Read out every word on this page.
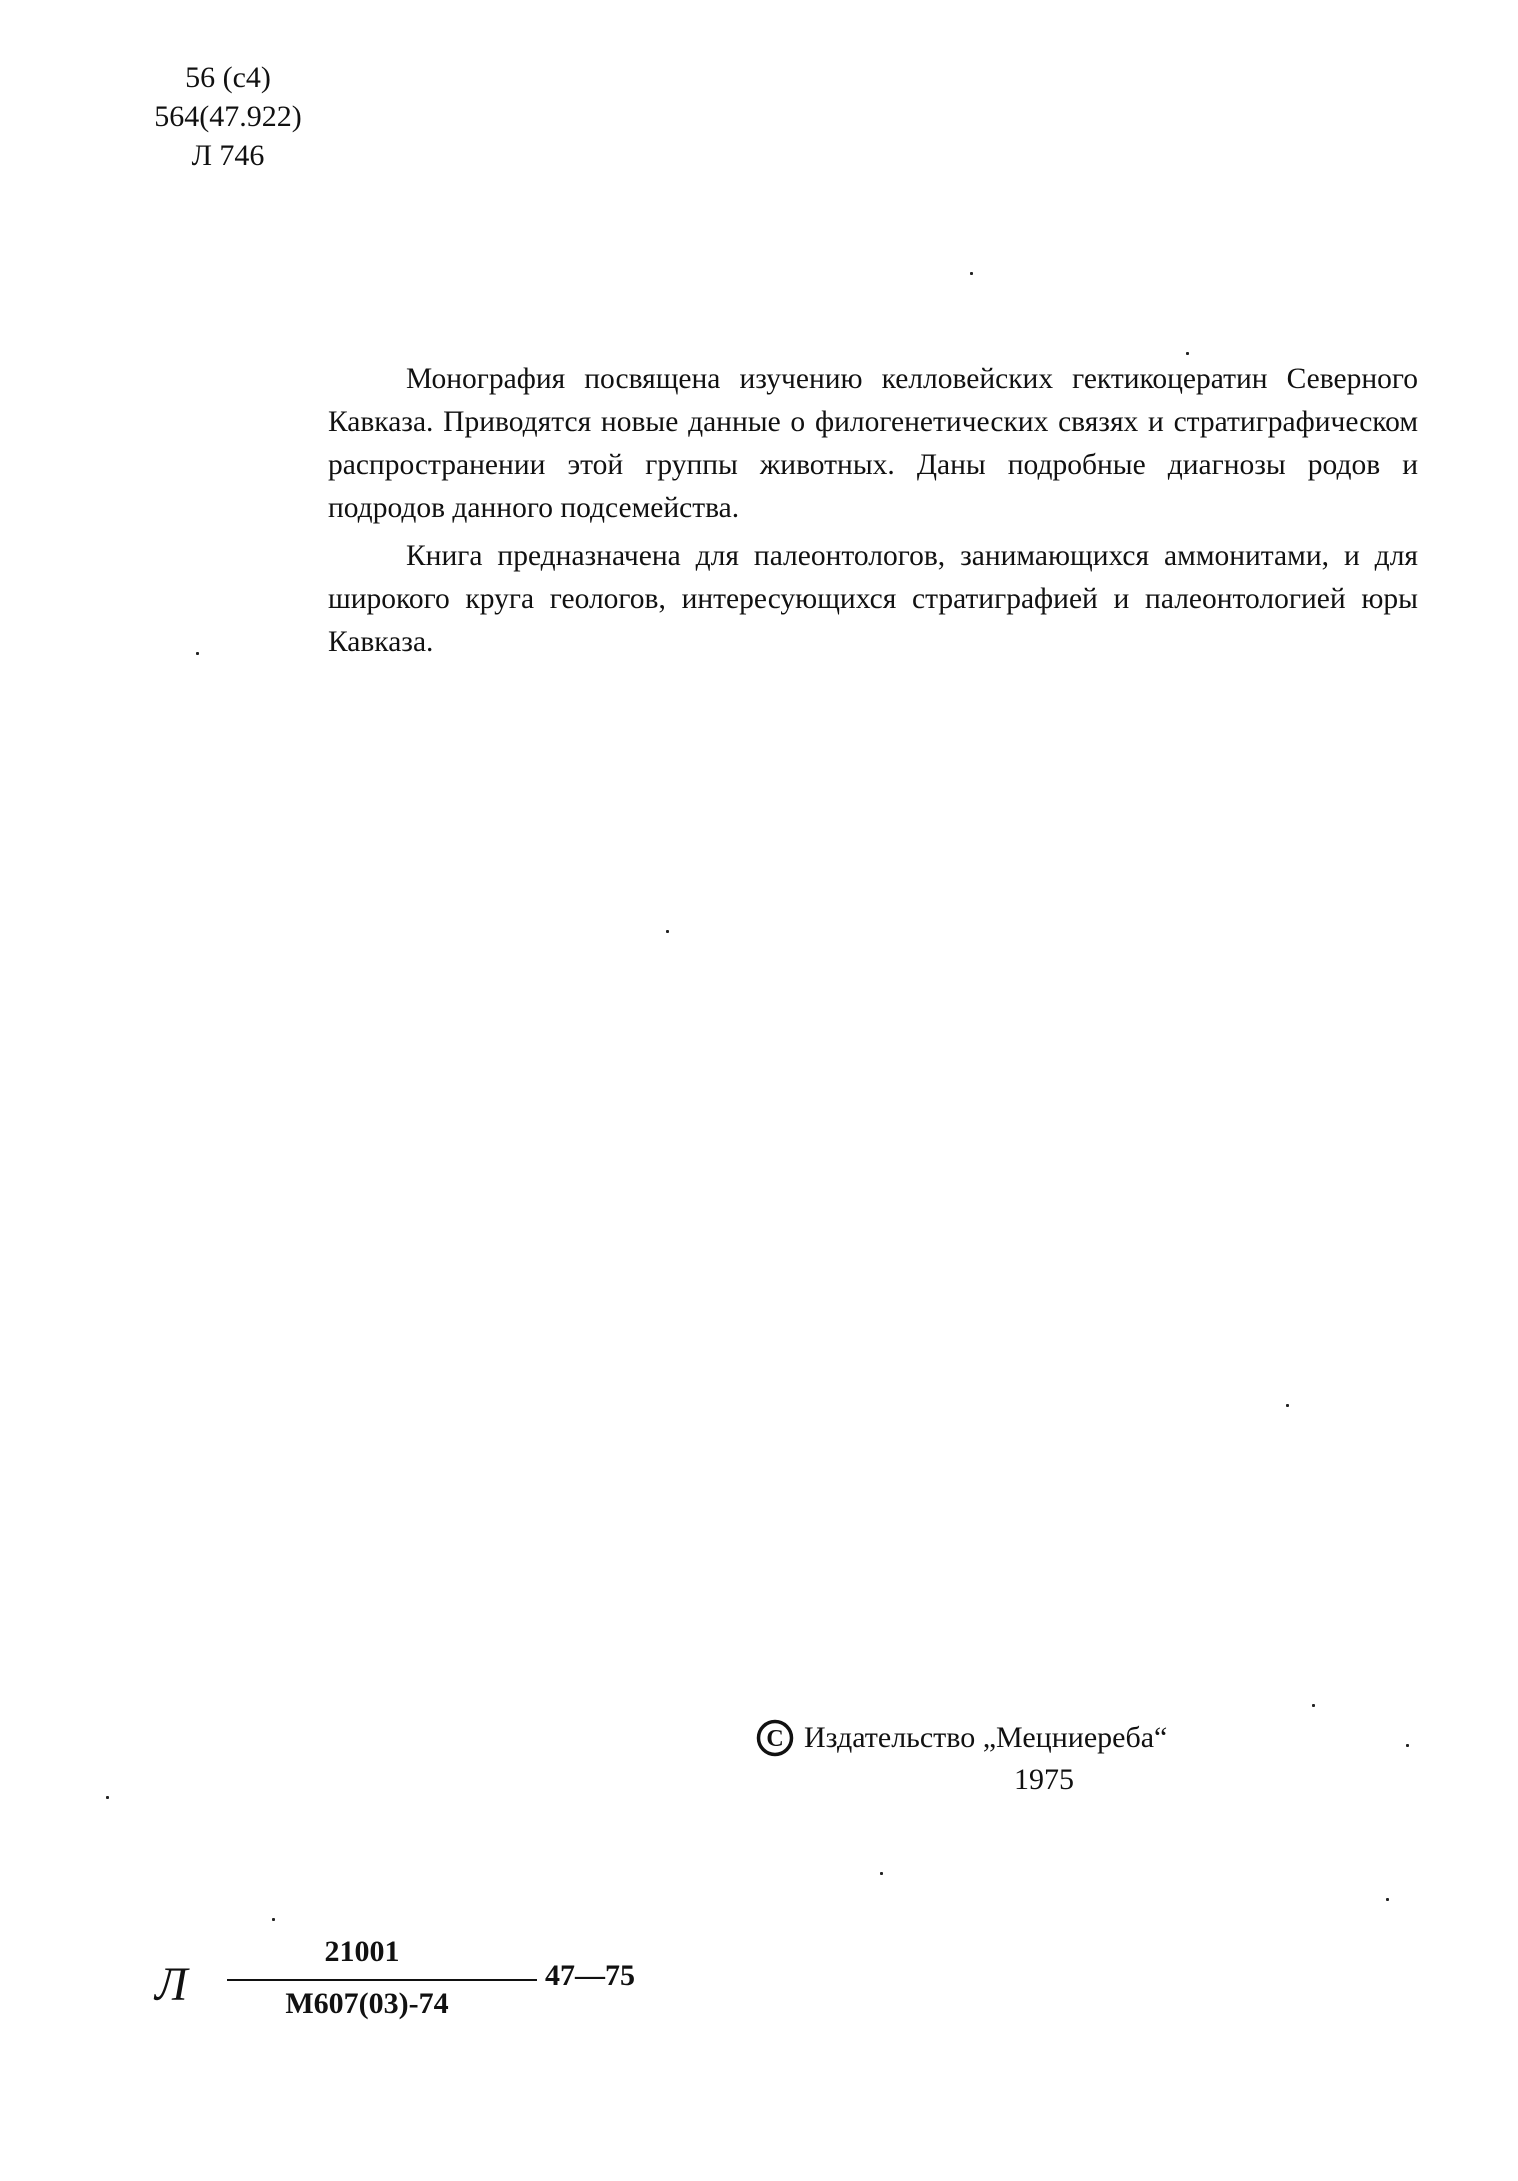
56 (с4)
564(47.922)
Л 746

Монография посвящена изучению келловейских гектикоцератин Северного Кавказа. Приводятся новые данные о филогенетических связях и стратиграфическом распространении этой группы животных. Даны подробные диагнозы родов и подродов данного подсемейства.

Книга предназначена для палеонтологов, занимающихся аммонитами, и для широкого круга геологов, интересующихся стратиграфией и палеонтологией юры Кавказа.

C Издательство „Мецниереба“
1975
Л
21001
М607(03)-74
47—75
